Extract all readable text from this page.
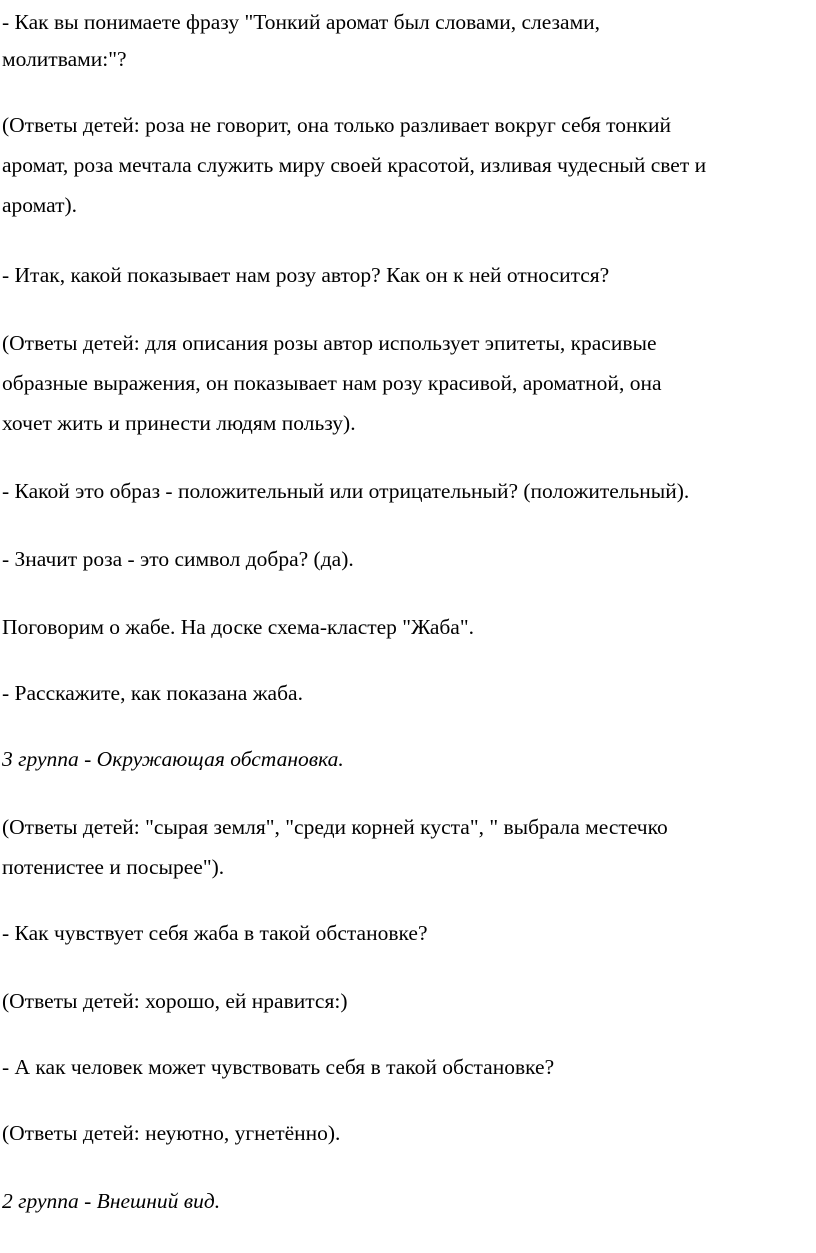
- Как вы понимаете фразу "Тонкий аромат был словами, слезами,
молитвами:"?
(Ответы детей: роза не говорит, она только разливает вокруг себя тонкий
аромат, роза мечтала служить миру своей красотой, изливая чудесный свет и
аромат).
- Итак, какой показывает нам розу автор? Как он к ней относится?
(Ответы детей: для описания розы автор использует эпитеты, красивые
образные выражения, он показывает нам розу красивой, ароматной, она
хочет жить и принести людям пользу).
- Какой это образ - положительный или отрицательный? (положительный).
- Значит роза - это символ добра? (да).
Поговорим о жабе. На доске схема-кластер "Жаба".
- Расскажите, как показана жаба.
3 группа - Окружающая обстановка.
(Ответы детей: "сырая земля", "среди корней куста", " выбрала местечко
потенистее и посырее").
- Как чувствует себя жаба в такой обстановке?
(Ответы детей: хорошо, ей нравится:)
- А как человек может чувствовать себя в такой обстановке?
(Ответы детей: неуютно, угнетённо).
2 группа - Внешний вид.
